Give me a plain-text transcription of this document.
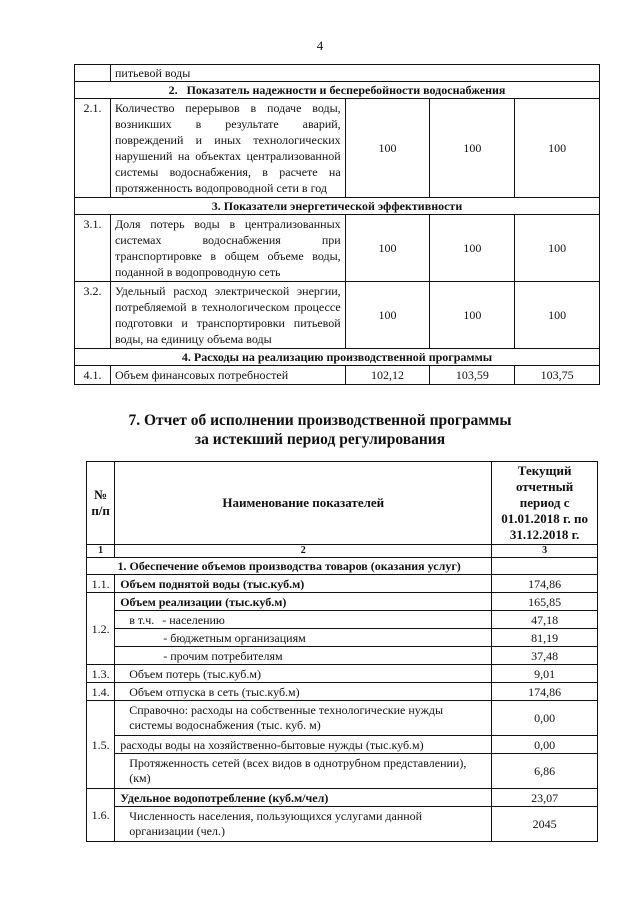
4
	питьевой воды			
2.   Показатель надежности и бесперебойности водоснабжения				
2.1.	Количество перерывов в подаче воды, возникших в результате аварий, повреждений и иных технологических нарушений на объектах централизованной системы водоснабжения, в расчете на протяженность водопроводной сети в год	100	100	100
3. Показатели энергетической эффективности				
3.1.	Доля потерь воды в централизованных системах водоснабжения при транспортировке в общем объеме воды, поданной в водопроводную сеть	100	100	100
3.2.	Удельный расход электрической энергии, потребляемой в технологическом процессе подготовки и транспортировки питьевой воды, на единицу объема воды	100	100	100
4. Расходы на реализацию производственной программы				
4.1.	Объем финансовых потребностей	102,12	103,59	103,75
7. Отчет об исполнении производственной программы
за истекший период регулирования
№ п/п	Наименование показателей	Текущий отчетный период с 01.01.2018 г. по 31.12.2018 г.
1	2	3
1. Обеспечение объемов производства товаров (оказания услуг)		
1.1.	Объем поднятой воды (тыс.куб.м)	174,86
1.2.	Объем реализации (тыс.куб.м)	165,85
	в т.ч. - населению	47,18
	- бюджетным организациям	81,19
	- прочим потребителям	37,48
1.3.	Объем потерь (тыс.куб.м)	9,01
1.4.	Объем отпуска в сеть (тыс.куб.м)	174,86
1.5.	Справочно: расходы на собственные технологические нужды системы водоснабжения (тыс. куб. м)	0,00
	расходы воды на хозяйственно-бытовые нужды (тыс.куб.м)	0,00
	Протяженность сетей (всех видов в однотрубном представлении), (км)	6,86
1.6.	Удельное водопотребление (куб.м/чел)	23,07
	Численность населения, пользующихся услугами данной организации (чел.)	2045
